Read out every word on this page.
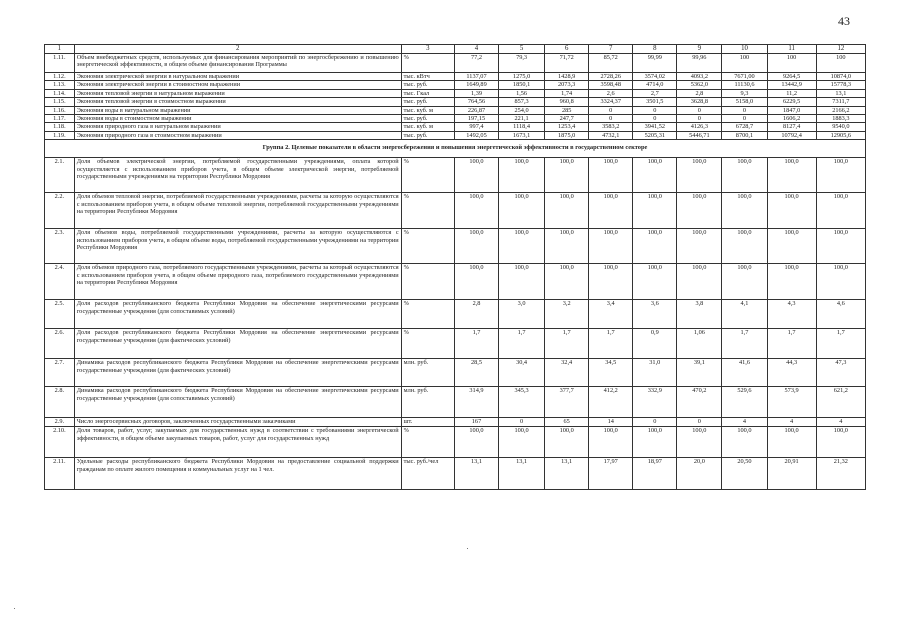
43
1	2	3	4	5	6	7	8	9	10	11	12
1.11.	Объем внебюджетных средств, используемых для финансирования мероприятий по энергосбережению и повышению энергетической эффективности, в общем объеме финансирования Программы	%	77,2	79,3	71,72	85,72	99,99	99,96	100	100	100
1.12.	Экономия электрической энергии в натуральном выражении	тыс. кВтч	1137,07	1275,0	1428,9	2728,26	3574,02	4093,2	7671,00	9264,5	10874,0
1.13.	Экономия электрической энергии в стоимостном выражении	тыс. руб.	1649,89	1850,1	2073,3	3598,48	4714,0	5362,0	11130,6	13442,9	15778,3
1.14.	Экономия тепловой энергии в натуральном выражении	тыс. Гкал	1,39	1,56	1,74	2,6	2,7	2,8	9,3	11,2	13,1
1.15.	Экономия тепловой энергии в стоимостном выражении	тыс. руб.	764,56	857,3	960,8	3324,37	3501,5	3628,8	5158,0	6229,5	7311,7
1.16.	Экономия воды в натуральном выражении	тыс. куб. м	226,87	254,0	285	0	0	0	0	1847,0	2166,2
1.17.	Экономия воды в стоимостном выражении	тыс. руб.	197,15	221,1	247,7	0	0	0	0	1606,2	1883,3
1.18.	Экономия природного газа в натуральном выражении	тыс. куб. м	997,4	1118,4	1253,4	3583,2	3941,52	4126,3	6728,7	8127,4	9540,0
1.19.	Экономия природного газа в стоимостном выражении	тыс. руб.	1492,05	1673,1	1875,0	4732,1	5205,31	5446,71	8700,1	10792,4	12905,6
Группа 2. Целевые показатели в области энергосбережения и повышения энергетической эффективности в государственном секторе											
2.1.	Доля объемов электрической энергии, потребляемой государственными учреждениями, оплата которой осуществляется с использованием приборов учета, в общем объеме электрической энергии, потребляемой государственными учреждениями на территории Республики Мордовия	%	100,0	100,0	100,0	100,0	100,0	100,0	100,0	100,0	100,0
2.2.	Доля объемов тепловой энергии, потребляемой государственными учреждениями, расчеты за которую осуществляются с использованием приборов учета, в общем объеме тепловой энергии, потребляемой государственными учреждениями на территории Республики Мордовия	%	100,0	100,0	100,0	100,0	100,0	100,0	100,0	100,0	100,0
2.3.	Доля объемов воды, потребляемой государственными учреждениями, расчеты за которую осуществляются с использованием приборов учета, в общем объеме воды, потребляемой государственными учреждениями на территории Республики Мордовия	%	100,0	100,0	100,0	100,0	100,0	100,0	100,0	100,0	100,0
2.4.	Доля объемов природного газа, потребляемого государственными учреждениями, расчеты за который осуществляются с использованием приборов учета, в общем объеме природного газа, потребляемого государственными учреждениями на территории Республики Мордовия	%	100,0	100,0	100,0	100,0	100,0	100,0	100,0	100,0	100,0
2.5.	Доля расходов республиканского бюджета Республики Мордовия на обеспечение энергетическими ресурсами государственные учреждения (для сопоставимых условий)	%	2,8	3,0	3,2	3,4	3,6	3,8	4,1	4,3	4,6
2.6.	Доля расходов республиканского бюджета Республики Мордовия на обеспечение энергетическими ресурсами государственные учреждения (для фактических условий)	%	1,7	1,7	1,7	1,7	0,9	1,06	1,7	1,7	1,7
2.7.	Динамика расходов республиканского бюджета Республики Мордовия на обеспечение энергетическими ресурсами государственные учреждения (для фактических условий)	млн. руб.	28,5	30,4	32,4	34,5	31,0	39,1	41,6	44,3	47,3
2.8.	Динамика расходов республиканского бюджета Республики Мордовия на обеспечение энергетическими ресурсами государственные учреждения (для сопоставимых условий)	млн. руб.	314,9	345,3	377,7	412,2	332,9	470,2	529,6	573,9	621,2
2.9.	Число энергосервисных договоров, заключенных государственными заказчиками	шт.	167	0	65	14	0	0	4	4	4
2.10.	Доля товаров, работ, услуг, закупаемых для государственных нужд в соответствии с требованиями энергетической эффективности, в общем объеме закупаемых товаров, работ, услуг для государственных нужд	%	100,0	100,0	100,0	100,0	100,0	100,0	100,0	100,0	100,0
2.11.	Удельные расходы республиканского бюджета Республики Мордовия на предоставление социальной поддержки гражданам по оплате жилого помещения и коммунальных услуг на 1 чел.	тыс. руб./чел	13,1	13,1	13,1	17,97	18,97	20,0	20,50	20,91	21,32
